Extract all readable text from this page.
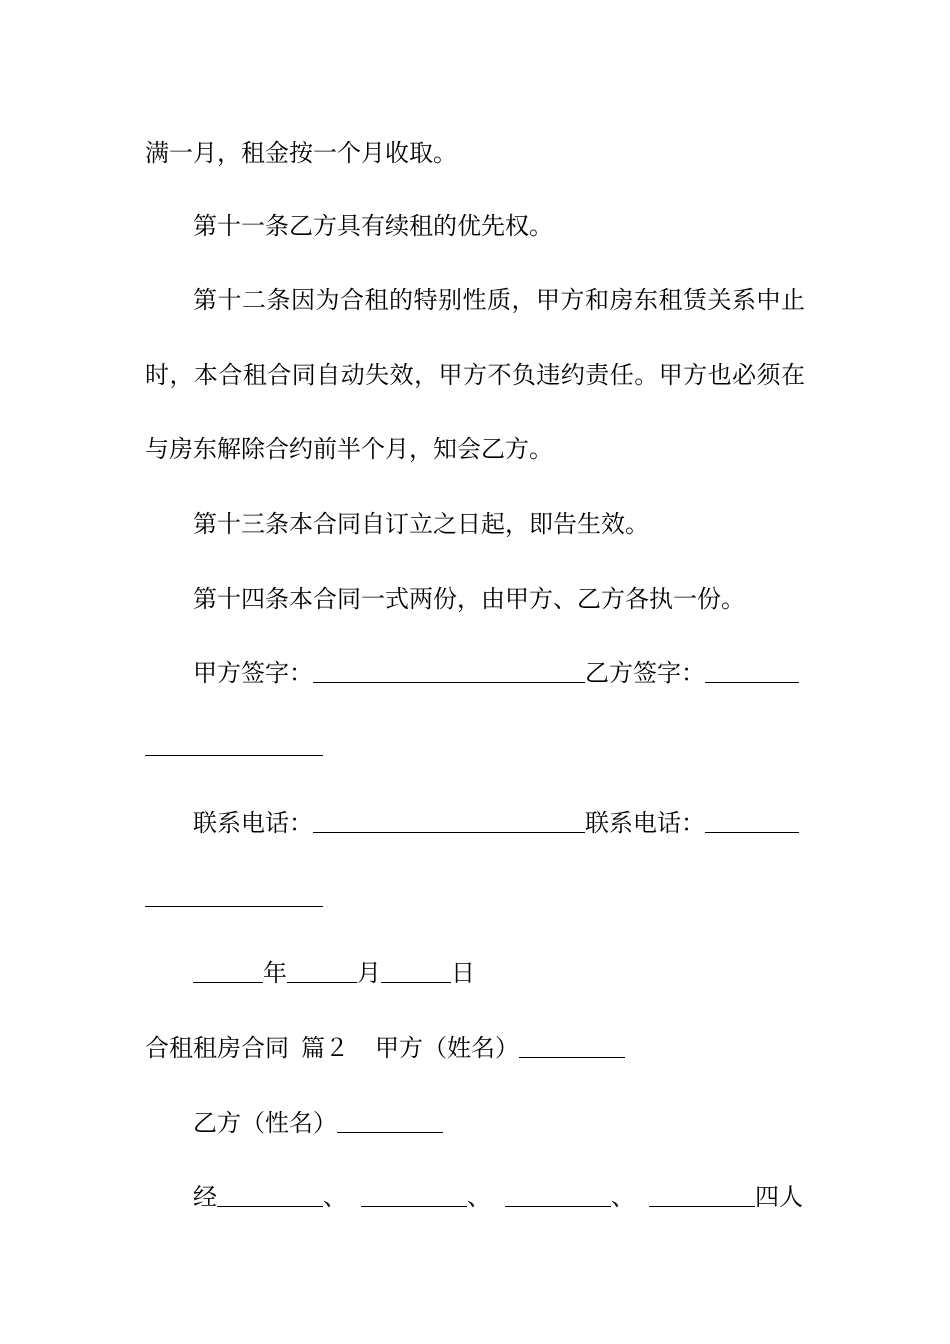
满一月，租金按一个月收取。
第十一条乙方具有续租的优先权。
第十二条因为合租的特别性质，甲方和房东租赁关系中止
时，本合租合同自动失效，甲方不负违约责任。甲方也必须在
与房东解除合约前半个月，知会乙方。
第十三条本合同自订立之日起，即告生效。
第十四条本合同一式两份，由甲方、乙方各执一份。
甲方签字：	乙方签字：
联系电话：	联系电话：
年	月	日
合租租房合同 篇２ 甲方（姓名）
乙方（性名）
经	、	、	、	四人
